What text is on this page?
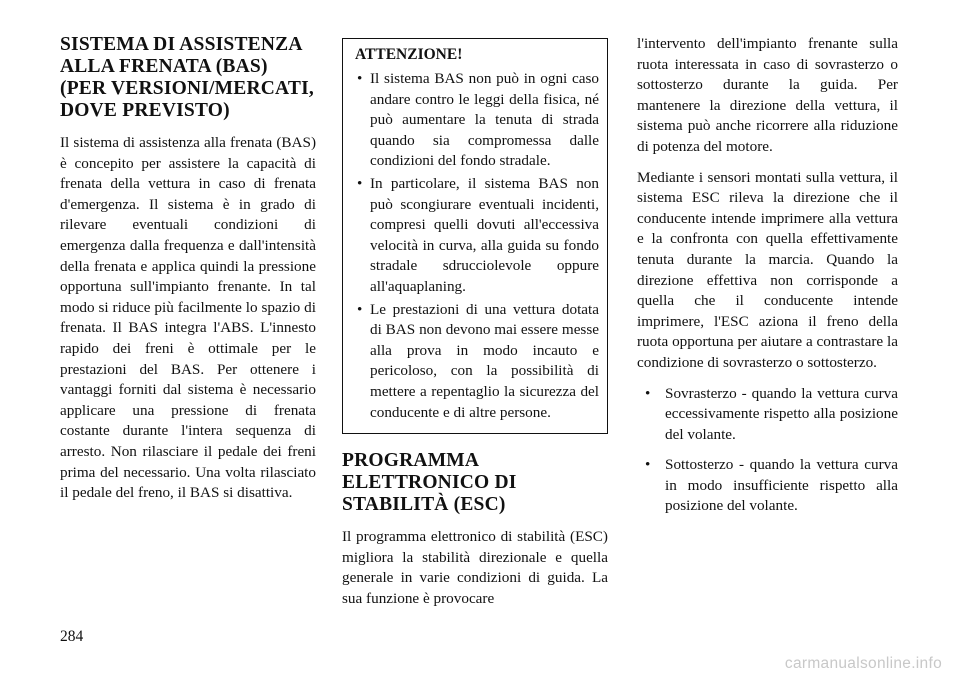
SISTEMA DI ASSISTENZA ALLA FRENATA (BAS) (PER VERSIONI/MERCATI, DOVE PREVISTO)

Il sistema di assistenza alla frenata (BAS) è concepito per assistere la capacità di frenata della vettura in caso di frenata d'emergenza. Il sistema è in grado di rilevare eventuali condizioni di emergenza dalla frequenza e dall'intensità della frenata e applica quindi la pressione opportuna sull'impianto frenante. In tal modo si riduce più facilmente lo spazio di frenata. Il BAS integra l'ABS. L'innesto rapido dei freni è ottimale per le prestazioni del BAS. Per ottenere i vantaggi forniti dal sistema è necessario applicare una pressione di frenata costante durante l'intera sequenza di arresto. Non rilasciare il pedale dei freni prima del necessario. Una volta rilasciato il pedale del freno, il BAS si disattiva.

ATTENZIONE!
• Il sistema BAS non può in ogni caso andare contro le leggi della fisica, né può aumentare la tenuta di strada quando sia compromessa dalle condizioni del fondo stradale.
• In particolare, il sistema BAS non può scongiurare eventuali incidenti, compresi quelli dovuti all'eccessiva velocità in curva, alla guida su fondo stradale sdrucciolevole oppure all'aquaplaning.
• Le prestazioni di una vettura dotata di BAS non devono mai essere messe alla prova in modo incauto e pericoloso, con la possibilità di mettere a repentaglio la sicurezza del conducente e di altre persone.
PROGRAMMA ELETTRONICO DI STABILITÀ (ESC)

Il programma elettronico di stabilità (ESC) migliora la stabilità direzionale e quella generale in varie condizioni di guida. La sua funzione è provocare

l'intervento dell'impianto frenante sulla ruota interessata in caso di sovrasterzo o sottosterzo durante la guida. Per mantenere la direzione della vettura, il sistema può anche ricorrere alla riduzione di potenza del motore.

Mediante i sensori montati sulla vettura, il sistema ESC rileva la direzione che il conducente intende imprimere alla vettura e la confronta con quella effettivamente tenuta durante la marcia. Quando la direzione effettiva non corrisponde a quella che il conducente intende imprimere, l'ESC aziona il freno della ruota opportuna per aiutare a contrastare la condizione di sovrasterzo o sottosterzo.

• Sovrasterzo - quando la vettura curva eccessivamente rispetto alla posizione del volante.
• Sottosterzo - quando la vettura curva in modo insufficiente rispetto alla posizione del volante.
284
carmanualsonline.info
